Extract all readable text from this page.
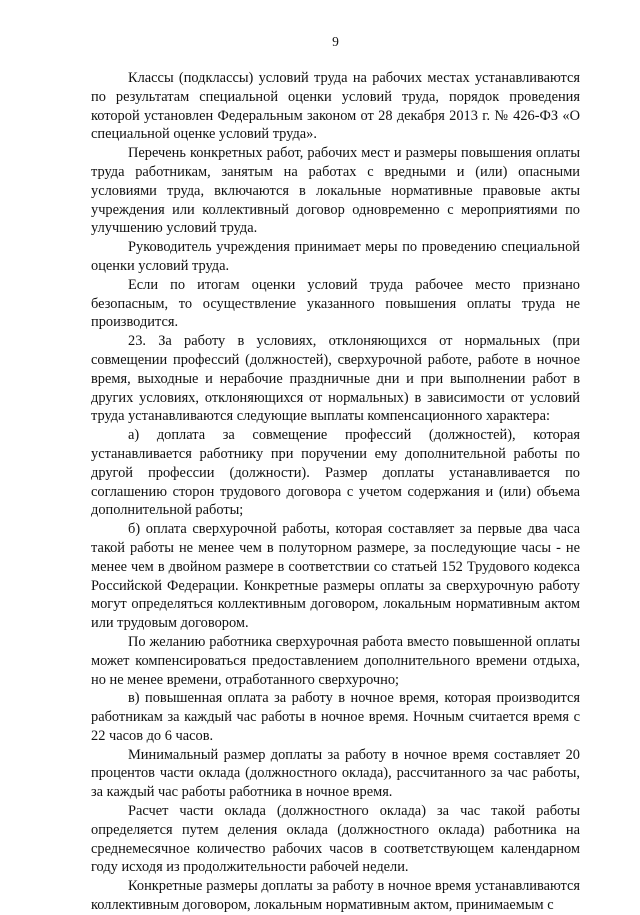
9

Классы (подклассы) условий труда на рабочих местах устанавливаются по результатам специальной оценки условий труда, порядок проведения которой установлен Федеральным законом от 28 декабря 2013 г. № 426-ФЗ «О специальной оценке условий труда».

Перечень конкретных работ, рабочих мест и размеры повышения оплаты труда работникам, занятым на работах с вредными и (или) опасными условиями труда, включаются в локальные нормативные правовые акты учреждения или коллективный договор одновременно с мероприятиями по улучшению условий труда.

Руководитель учреждения принимает меры по проведению специальной оценки условий труда.

Если по итогам оценки условий труда рабочее место признано безопасным, то осуществление указанного повышения оплаты труда не производится.

23. За работу в условиях, отклоняющихся от нормальных (при совмещении профессий (должностей), сверхурочной работе, работе в ночное время, выходные и нерабочие праздничные дни и при выполнении работ в других условиях, отклоняющихся от нормальных) в зависимости от условий труда устанавливаются следующие выплаты компенсационного характера:

а) доплата за совмещение профессий (должностей), которая устанавливается работнику при поручении ему дополнительной работы по другой профессии (должности). Размер доплаты устанавливается по соглашению сторон трудового договора с учетом содержания и (или) объема дополнительной работы;

б) оплата сверхурочной работы, которая составляет за первые два часа такой работы не менее чем в полуторном размере, за последующие часы - не менее чем в двойном размере в соответствии со статьей 152 Трудового кодекса Российской Федерации. Конкретные размеры оплаты за сверхурочную работу могут определяться коллективным договором, локальным нормативным актом или трудовым договором.

По желанию работника сверхурочная работа вместо повышенной оплаты может компенсироваться предоставлением дополнительного времени отдыха, но не менее времени, отработанного сверхурочно;

в) повышенная оплата за работу в ночное время, которая производится работникам за каждый час работы в ночное время. Ночным считается время с 22 часов до 6 часов.

Минимальный размер доплаты за работу в ночное время составляет 20 процентов части оклада (должностного оклада), рассчитанного за час работы, за каждый час работы работника в ночное время.

Расчет части оклада (должностного оклада) за час такой работы определяется путем деления оклада (должностного оклада) работника на среднемесячное количество рабочих часов в соответствующем календарном году исходя из продолжительности рабочей недели.

Конкретные размеры доплаты за работу в ночное время устанавливаются коллективным договором, локальным нормативным актом, принимаемым с
